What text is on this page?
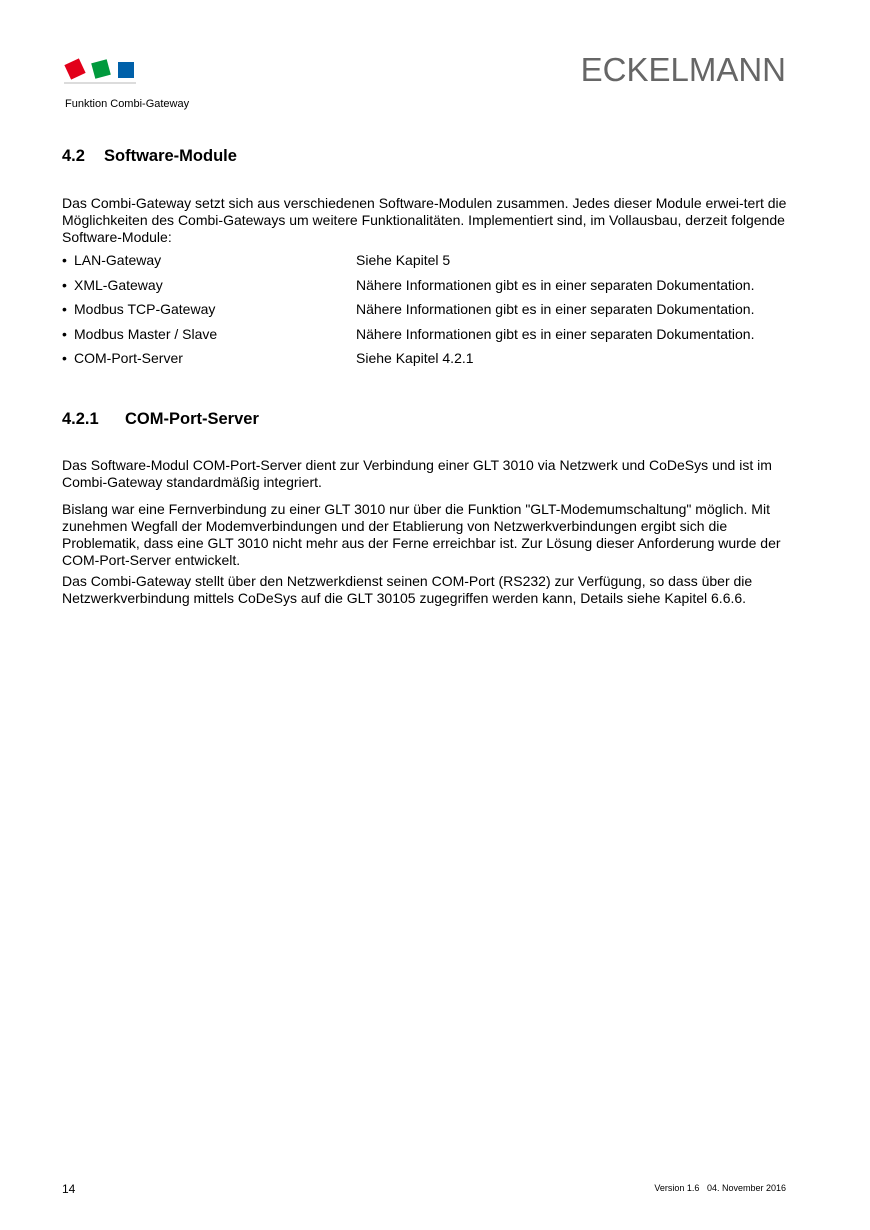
ECKELMANN
Funktion Combi-Gateway
4.2 Software-Module
Das Combi-Gateway setzt sich aus verschiedenen Software-Modulen zusammen. Jedes dieser Module erwei-tert die Möglichkeiten des Combi-Gateways um weitere Funktionalitäten. Implementiert sind, im Vollausbau, derzeit folgende Software-Module:
• LAN-Gateway	Siehe Kapitel 5
• XML-Gateway	Nähere Informationen gibt es in einer separaten Dokumentation.
• Modbus TCP-Gateway	Nähere Informationen gibt es in einer separaten Dokumentation.
• Modbus Master / Slave	Nähere Informationen gibt es in einer separaten Dokumentation.
• COM-Port-Server	Siehe Kapitel 4.2.1
4.2.1 COM-Port-Server
Das Software-Modul COM-Port-Server dient zur Verbindung einer GLT 3010 via Netzwerk und CoDeSys und ist im Combi-Gateway standardmäßig integriert.
Bislang war eine Fernverbindung zu einer GLT 3010 nur über die Funktion "GLT-Modemumschaltung" möglich. Mit zunehmen Wegfall der Modemverbindungen und der Etablierung von Netzwerkverbindungen ergibt sich die Problematik, dass eine GLT 3010 nicht mehr aus der Ferne erreichbar ist. Zur Lösung dieser Anforderung wurde der COM-Port-Server entwickelt.
Das Combi-Gateway stellt über den Netzwerkdienst seinen COM-Port (RS232) zur Verfügung, so dass über die Netzwerkverbindung mittels CoDeSys auf die GLT 30105 zugegriffen werden kann, Details siehe Kapitel 6.6.6.
14	Version 1.6   04. November 2016
